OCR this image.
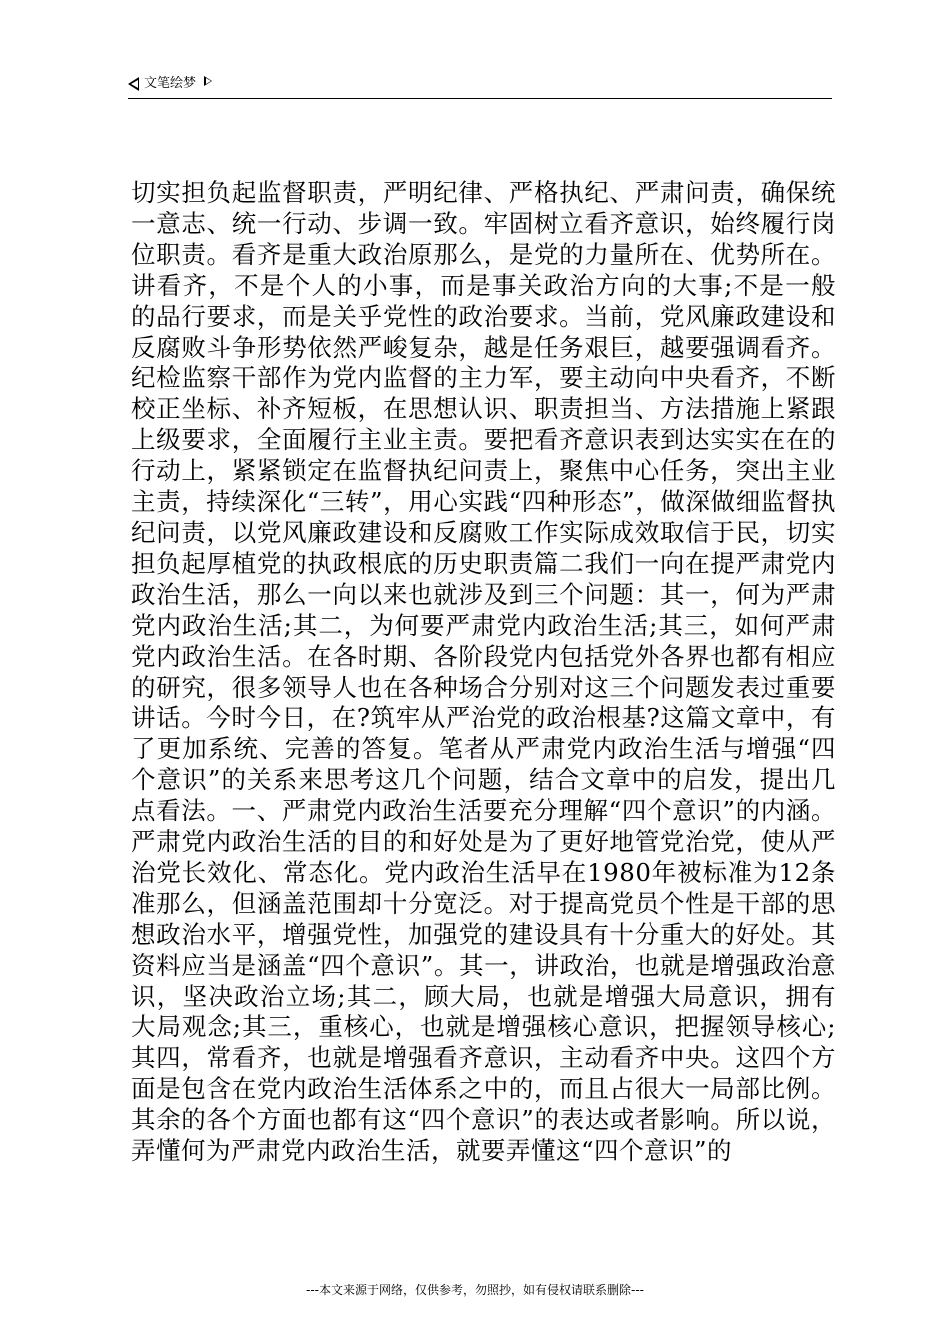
文笔绘梦

切实担负起监督职责，严明纪律、严格执纪、严肃问责，确保统一意志、统一行动、步调一致。牢固树立看齐意识，始终履行岗位职责。看齐是重大政治原那么，是党的力量所在、优势所在。讲看齐，不是个人的小事，而是事关政治方向的大事;不是一般的品行要求，而是关乎党性的政治要求。当前，党风廉政建设和反腐败斗争形势依然严峻复杂，越是任务艰巨，越要强调看齐。纪检监察干部作为党内监督的主力军，要主动向中央看齐，不断校正坐标、补齐短板，在思想认识、职责担当、方法措施上紧跟上级要求，全面履行主业主责。要把看齐意识表到达实实在在的行动上，紧紧锁定在监督执纪问责上，聚焦中心任务，突出主业主责，持续深化“三转”，用心实践“四种形态”，做深做细监督执纪问责，以党风廉政建设和反腐败工作实际成效取信于民，切实担负起厚植党的执政根底的历史职责篇二我们一向在提严肃党内政治生活，那么一向以来也就涉及到三个问题：其一，何为严肃党内政治生活;其二，为何要严肃党内政治生活;其三，如何严肃党内政治生活。在各时期、各阶段党内包括党外各界也都有相应的研究，很多领导人也在各种场合分别对这三个问题发表过重要讲话。今时今日，在?筑牢从严治党的政治根基?这篇文章中，有了更加系统、完善的答复。笔者从严肃党内政治生活与增强“四个意识”的关系来思考这几个问题，结合文章中的启发，提出几点看法。一、严肃党内政治生活要充分理解“四个意识”的内涵。严肃党内政治生活的目的和好处是为了更好地管党治党，使从严治党长效化、常态化。党内政治生活早在1980年被标准为12条准那么，但涵盖范围却十分宽泛。对于提高党员个性是干部的思想政治水平，增强党性，加强党的建设具有十分重大的好处。其资料应当是涵盖“四个意识”。其一，讲政治，也就是增强政治意识，坚决政治立场;其二，顾大局，也就是增强大局意识，拥有大局观念;其三，重核心，也就是增强核心意识，把握领导核心;其四，常看齐，也就是增强看齐意识，主动看齐中央。这四个方面是包含在党内政治生活体系之中的，而且占很大一局部比例。其余的各个方面也都有这“四个意识”的表达或者影响。所以说，弄懂何为严肃党内政治生活，就要弄懂这“四个意识”的

---本文来源于网络，仅供参考，勿照抄，如有侵权请联系删除---
